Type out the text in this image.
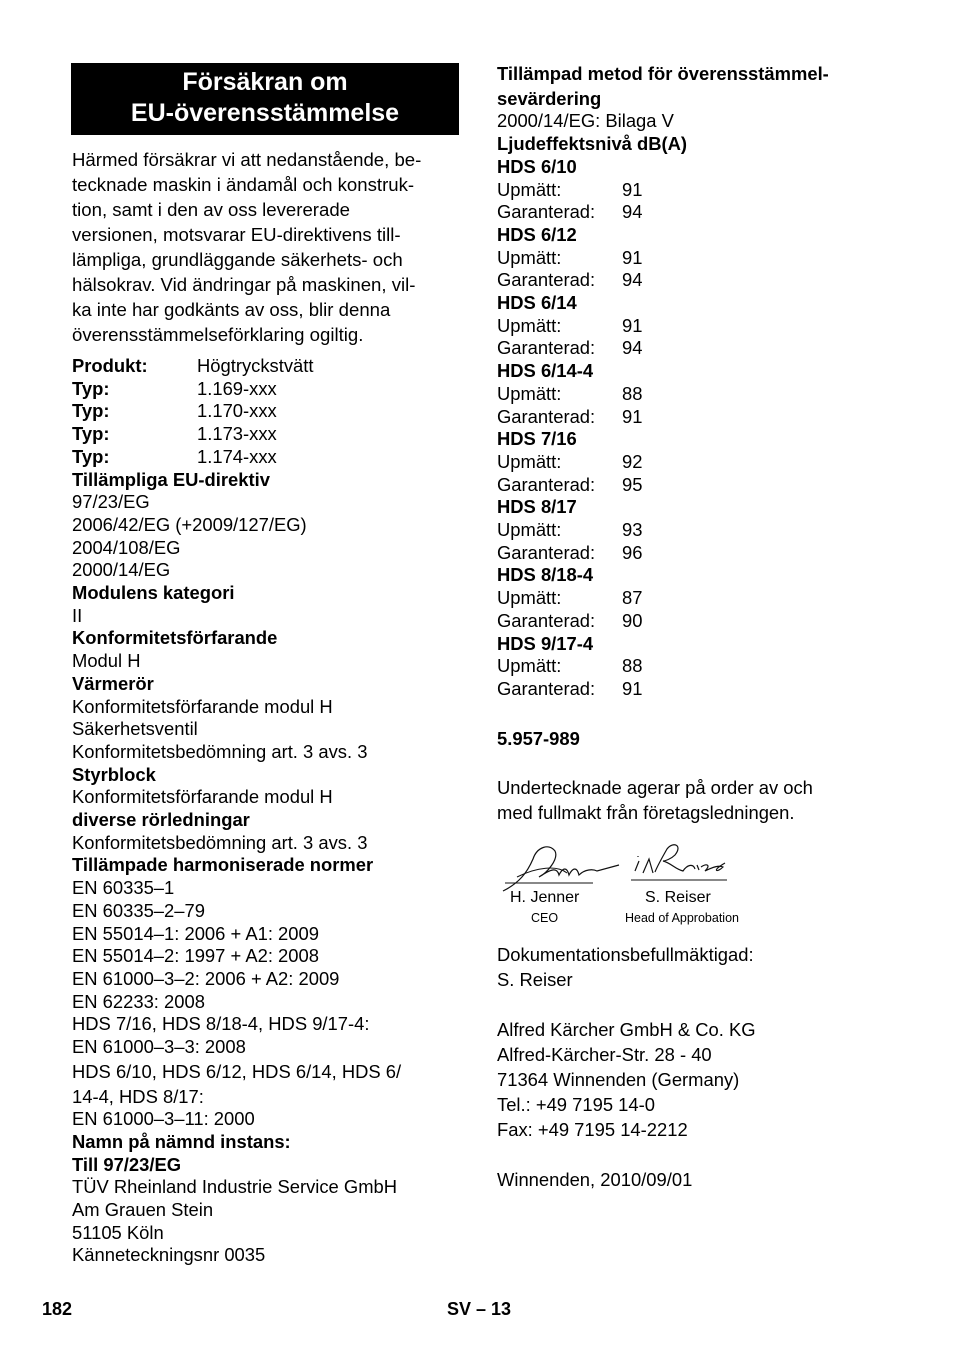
Försäkran om
EU-överensstämmelse
Härmed försäkrar vi att nedanstående, be-
tecknade maskin i ändamål och konstruk-
tion, samt i den av oss levererade
versionen, motsvarar EU-direktivens till-
lämpliga, grundläggande säkerhets- och
hälsokrav. Vid ändringar på maskinen, vil-
ka inte har godkänts av oss, blir denna
överensstämmelseförklaring ogiltig.
Produkt:	Högtryckstvätt
Typ:	1.169-xxx
Typ:	1.170-xxx
Typ:	1.173-xxx
Typ:	1.174-xxx
Tillämpliga EU-direktiv
97/23/EG
2006/42/EG (+2009/127/EG)
2004/108/EG
2000/14/EG
Modulens kategori
II
Konformitetsförfarande
Modul H
Värmerör
Konformitetsförfarande modul H
Säkerhetsventil
Konformitetsbedömning art. 3 avs. 3
Styrblock
Konformitetsförfarande modul H
diverse rörledningar
Konformitetsbedömning art. 3 avs. 3
Tillämpade harmoniserade normer
EN 60335–1
EN 60335–2–79
EN 55014–1: 2006 + A1: 2009
EN 55014–2: 1997 + A2: 2008
EN 61000–3–2: 2006 + A2: 2009
EN 62233: 2008
HDS 7/16, HDS 8/18-4, HDS 9/17-4:
EN 61000–3–3: 2008
HDS 6/10, HDS 6/12, HDS 6/14, HDS 6/
14-4, HDS 8/17:
EN 61000–3–11: 2000
Namn på nämnd instans:
Till 97/23/EG
TÜV Rheinland Industrie Service GmbH
Am Grauen Stein
51105 Köln
Känneteckningsnr 0035
Tillämpad metod för överensstämmel-
sevärdering
2000/14/EG: Bilaga V
Ljudeffektsnivå dB(A)
HDS 6/10
Upmätt:	91
Garanterad:	94
HDS 6/12
Upmätt:	91
Garanterad:	94
HDS 6/14
Upmätt:	91
Garanterad:	94
HDS 6/14-4
Upmätt:	88
Garanterad:	91
HDS 7/16
Upmätt:	92
Garanterad:	95
HDS 8/17
Upmätt:	93
Garanterad:	96
HDS 8/18-4
Upmätt:	87
Garanterad:	90
HDS 9/17-4
Upmätt:	88
Garanterad:	91
5.957-989
Undertecknade agerar på order av och
med fullmakt från företagsledningen.
H. Jenner
CEO
S. Reiser
Head of Approbation
Dokumentationsbefullmäktigad:
S. Reiser
Alfred Kärcher GmbH & Co. KG
Alfred-Kärcher-Str. 28 - 40
71364 Winnenden (Germany)
Tel.: +49 7195 14-0
Fax: +49 7195 14-2212
Winnenden, 2010/09/01
182	SV – 13
